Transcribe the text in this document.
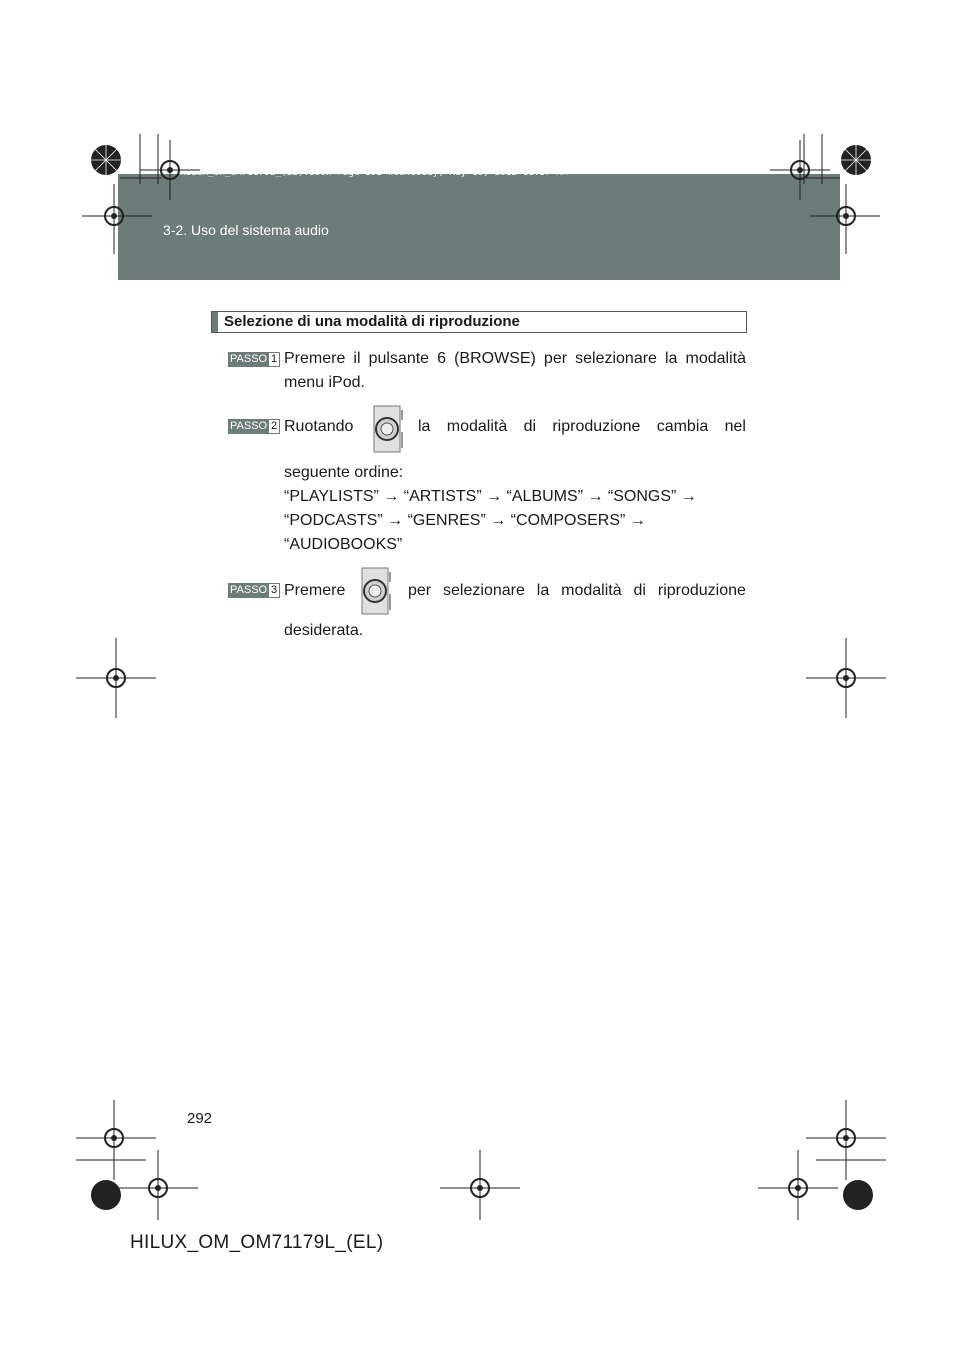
HILUX_OM_OM71179L_(EL).book Page 292 Wednesday, May 16, 2012 11:37 AM
3-2. Uso del sistema audio
Selezione di una modalità di riproduzione
PASSO 1 Premere il pulsante 6 (BROWSE) per selezionare la modalità
menu iPod.
PASSO 2 Ruotando	la modalità di riproduzione cambia nel
seguente ordine:
“PLAYLISTS” → “ARTISTS” → “ALBUMS” → “SONGS” →
“PODCASTS” → “GENRES” → “COMPOSERS” →
“AUDIOBOOKS”
PASSO 3 Premere	per selezionare la modalità di riproduzione
desiderata.
292
HILUX_OM_OM71179L_(EL)
